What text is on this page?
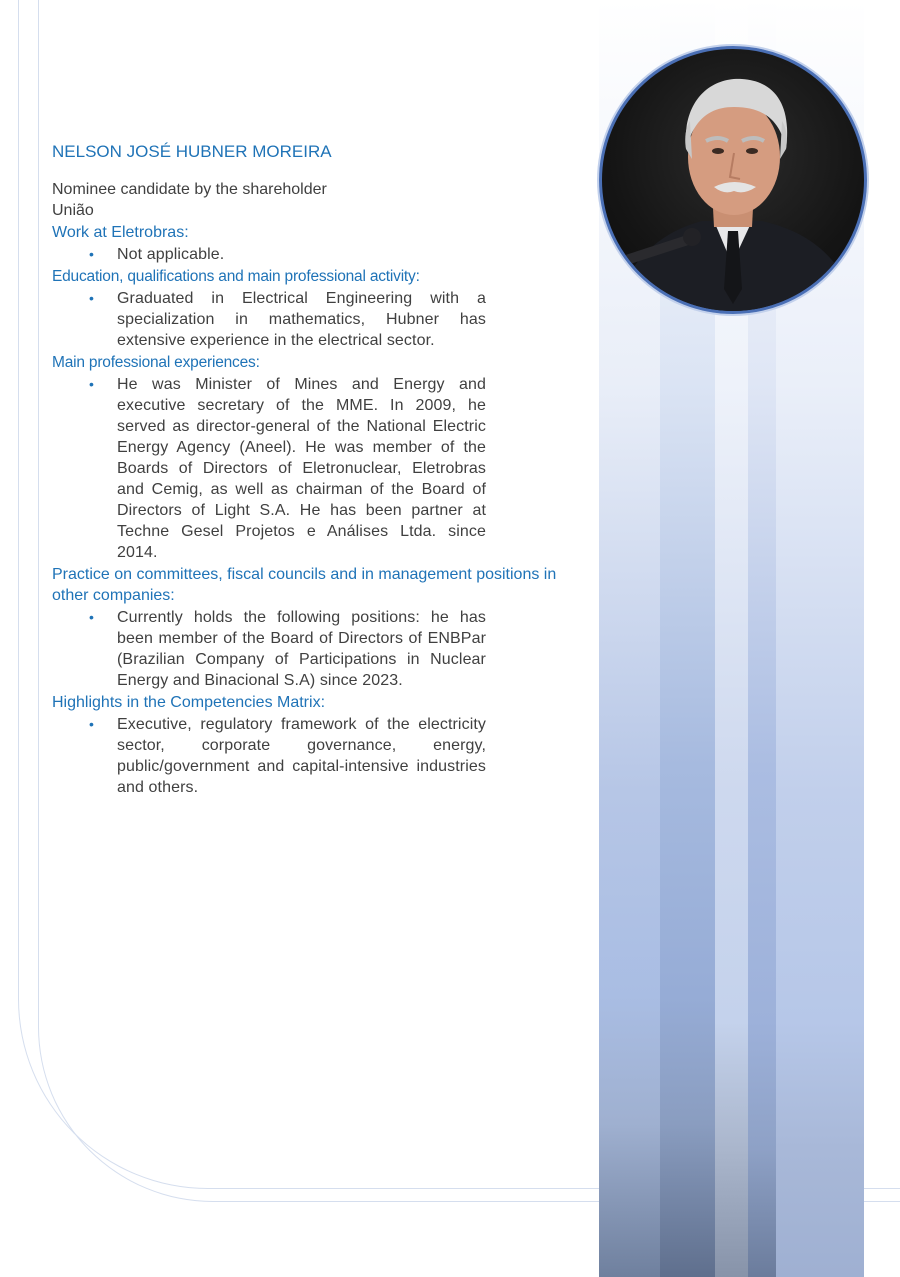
NELSON JOSÉ HUBNER MOREIRA

Nominee candidate by the shareholder

União

Work at Eletrobras:
• Not applicable.
Education, qualifications and main professional activity:
• Graduated in Electrical Engineering with a specialization in mathematics, Hubner has extensive experience in the electrical sector.
Main professional experiences:
• He was Minister of Mines and Energy and executive secretary of the MME. In 2009, he served as director-general of the National Electric Energy Agency (Aneel). He was member of the Boards of Directors of Eletronuclear, Eletrobras and Cemig, as well as chairman of the Board of Directors of Light S.A. He has been partner at Techne Gesel Projetos e Análises Ltda. since 2014.
Practice on committees, fiscal councils and in management positions in other companies:
• Currently holds the following positions: he has been member of the Board of Directors of ENBPar (Brazilian Company of Participations in Nuclear Energy and Binacional S.A) since 2023.
Highlights in the Competencies Matrix:
• Executive, regulatory framework of the electricity sector, corporate governance, energy, public/government and capital-intensive industries and others.
